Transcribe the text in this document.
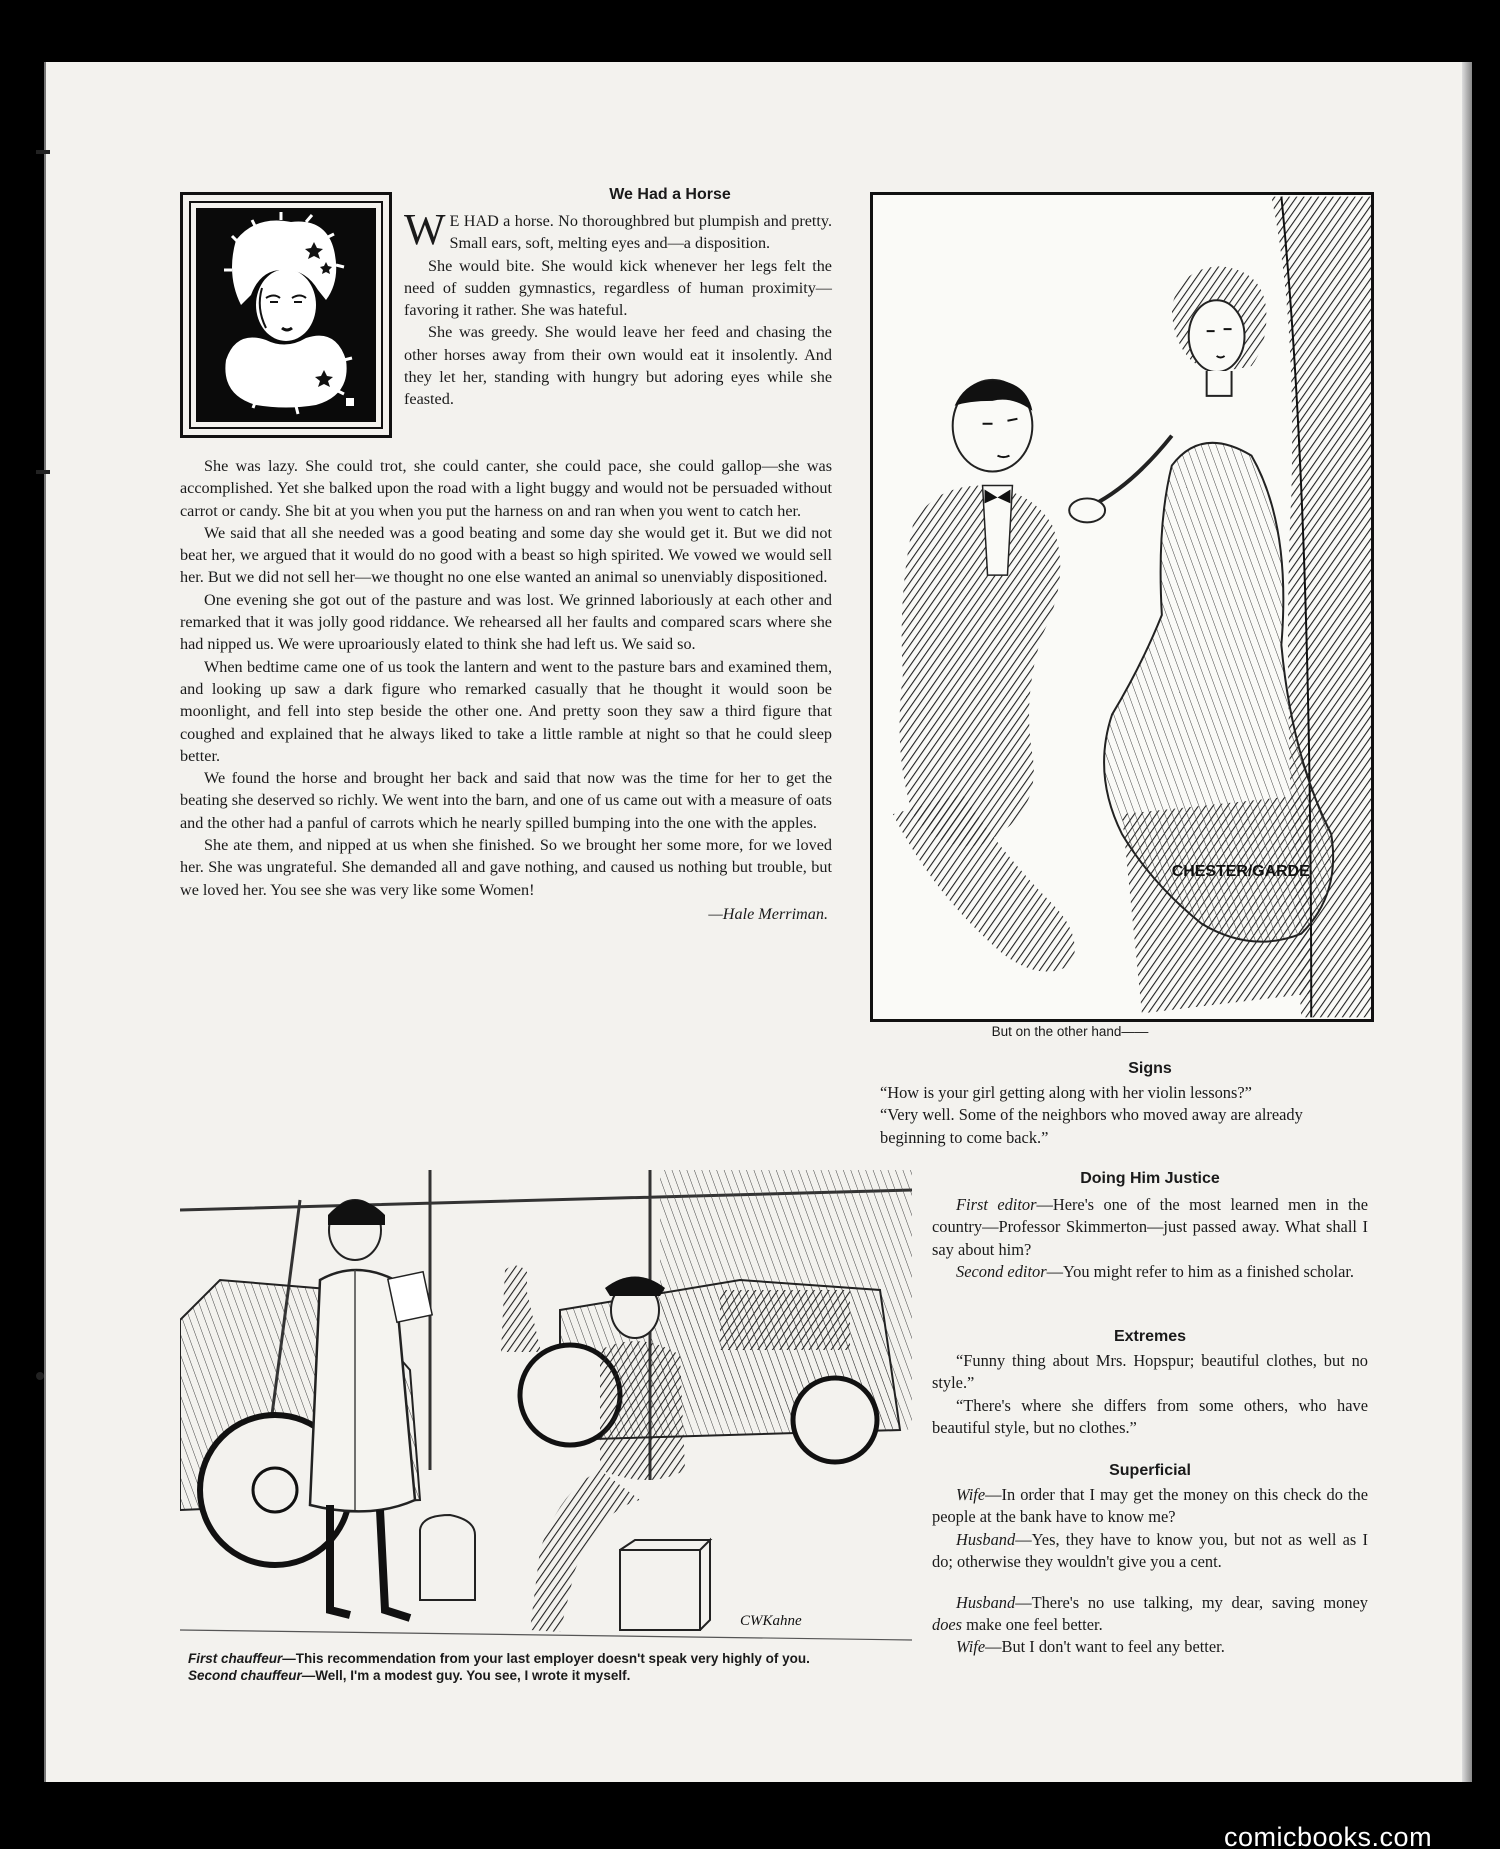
We Had a Horse

W E HAD a horse. No thoroughbred but plumpish and pretty. Small ears, soft, melting eyes and—a disposition.

She would bite. She would kick whenever her legs felt the need of sudden gymnastics, regardless of human proximity—favoring it rather. She was hateful.

She was greedy. She would leave her feed and chasing the other horses away from their own would eat it insolently. And they let her, standing with hungry but adoring eyes while she feasted.

She was lazy. She could trot, she could canter, she could pace, she could gallop—she was accomplished. Yet she balked upon the road with a light buggy and would not be persuaded without carrot or candy. She bit at you when you put the harness on and ran when you went to catch her.

We said that all she needed was a good beating and some day she would get it. But we did not beat her, we argued that it would do no good with a beast so high spirited. We vowed we would sell her. But we did not sell her—we thought no one else wanted an animal so unenviably dispositioned.

One evening she got out of the pasture and was lost. We grinned laboriously at each other and remarked that it was jolly good riddance. We rehearsed all her faults and compared scars where she had nipped us. We were uproariously elated to think she had left us. We said so.

When bedtime came one of us took the lantern and went to the pasture bars and examined them, and looking up saw a dark figure who remarked casually that he thought it would soon be moonlight, and fell into step beside the other one. And pretty soon they saw a third figure that coughed and explained that he always liked to take a little ramble at night so that he could sleep better.

We found the horse and brought her back and said that now was the time for her to get the beating she deserved so richly. We went into the barn, and one of us came out with a measure of oats and the other had a panful of carrots which he nearly spilled bumping into the one with the apples.

She ate them, and nipped at us when she finished. So we brought her some more, for we loved her. She was ungrateful. She demanded all and gave nothing, and caused us nothing but trouble, but we loved her. You see she was very like some Women!

—Hale Merriman.
CHESTER/GARDE
But on the other hand——
Signs

“How is your girl getting along with her violin lessons?”

“Very well. Some of the neighbors who moved away are already beginning to come back.”

Doing Him Justice

First editor—Here's one of the most learned men in the country—Professor Skimmerton—just passed away. What shall I say about him?

Second editor—You might refer to him as a finished scholar.

Extremes

“Funny thing about Mrs. Hopspur; beautiful clothes, but no style.”

“There's where she differs from some others, who have beautiful style, but no clothes.”

Superficial

Wife—In order that I may get the money on this check do the people at the bank have to know me?

Husband—Yes, they have to know you, but not as well as I do; otherwise they wouldn't give you a cent.

Husband—There's no use talking, my dear, saving money does make one feel better.

Wife—But I don't want to feel any better.

CWKahne
First chauffeur—This recommendation from your last employer doesn't speak very highly of you.
Second chauffeur—Well, I'm a modest guy. You see, I wrote it myself.
comicbooks.com
